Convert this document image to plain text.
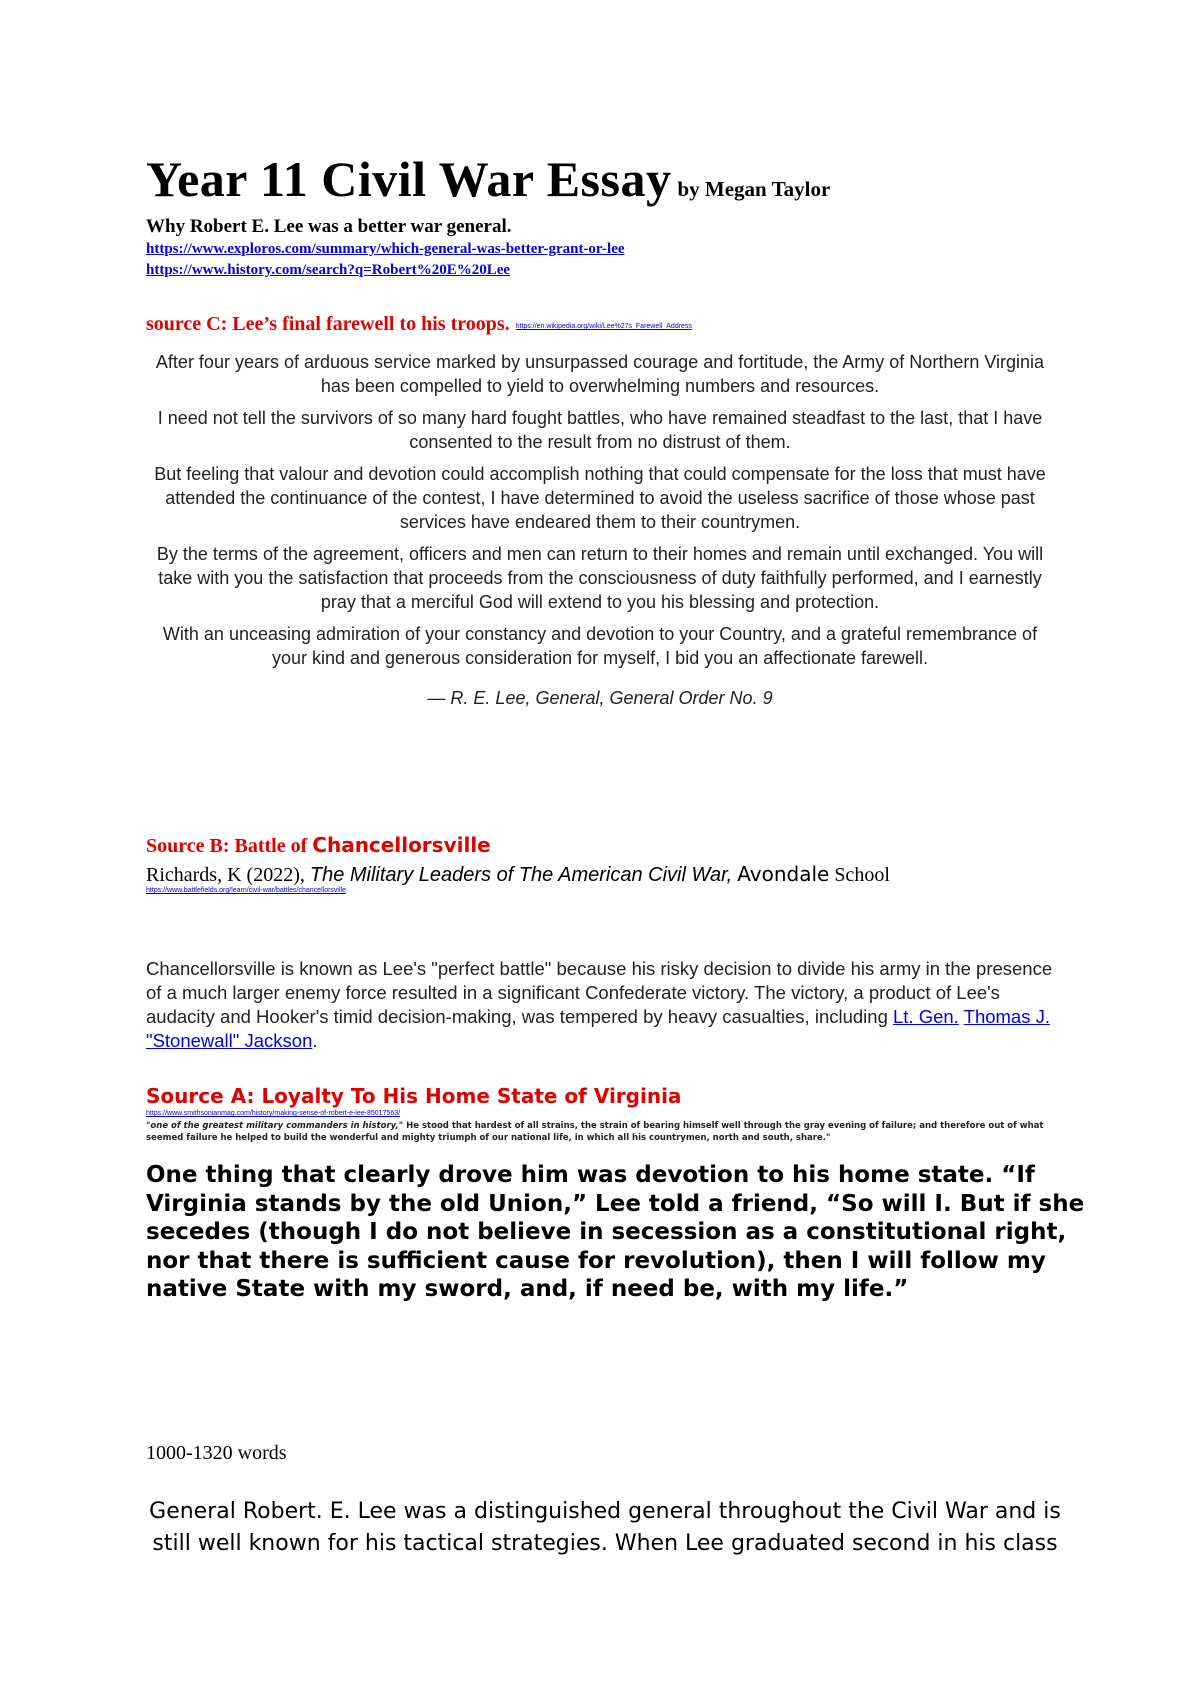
Year 11 Civil War Essay by Megan Taylor
Why Robert E. Lee was a better war general.
https://www.exploros.com/summary/which-general-was-better-grant-or-lee
https://www.history.com/search?q=Robert%20E%20Lee
source C: Lee’s final farewell to his troops. https://en.wikipedia.org/wiki/Lee%27s_Farewell_Address

After four years of arduous service marked by unsurpassed courage and fortitude, the Army of Northern Virginia has been compelled to yield to overwhelming numbers and resources.

I need not tell the survivors of so many hard fought battles, who have remained steadfast to the last, that I have consented to the result from no distrust of them.

But feeling that valour and devotion could accomplish nothing that could compensate for the loss that must have attended the continuance of the contest, I have determined to avoid the useless sacrifice of those whose past services have endeared them to their countrymen.

By the terms of the agreement, officers and men can return to their homes and remain until exchanged. You will take with you the satisfaction that proceeds from the consciousness of duty faithfully performed, and I earnestly pray that a merciful God will extend to you his blessing and protection.

With an unceasing admiration of your constancy and devotion to your Country, and a grateful remembrance of your kind and generous consideration for myself, I bid you an affectionate farewell.

— R. E. Lee, General, General Order No. 9

Source B: Battle of Chancellorsville
Richards, K (2022), The Military Leaders of The American Civil War, Avondale School
https://www.battlefields.org/learn/civil-war/battles/chancellorsville
Chancellorsville is known as Lee's "perfect battle" because his risky decision to divide his army in the presence of a much larger enemy force resulted in a significant Confederate victory. The victory, a product of Lee's audacity and Hooker's timid decision-making, was tempered by heavy casualties, including Lt. Gen. Thomas J. "Stonewall" Jackson.
Source A: Loyalty To His Home State of Virginia
https://www.smithsonianmag.com/history/making-sense-of-robert-e-lee-85017563/
"one of the greatest military commanders in history," He stood that hardest of all strains, the strain of bearing himself well through the gray evening of failure; and therefore out of what seemed failure he helped to build the wonderful and mighty triumph of our national life, in which all his countrymen, north and south, share."
One thing that clearly drove him was devotion to his home state. “If Virginia stands by the old Union,” Lee told a friend, “So will I. But if she secedes (though I do not believe in secession as a constitutional right, nor that there is sufficient cause for revolution), then I will follow my native State with my sword, and, if need be, with my life.”
1000-1320 words
General Robert. E. Lee was a distinguished general throughout the Civil War and is still well known for his tactical strategies. When Lee graduated second in his class
